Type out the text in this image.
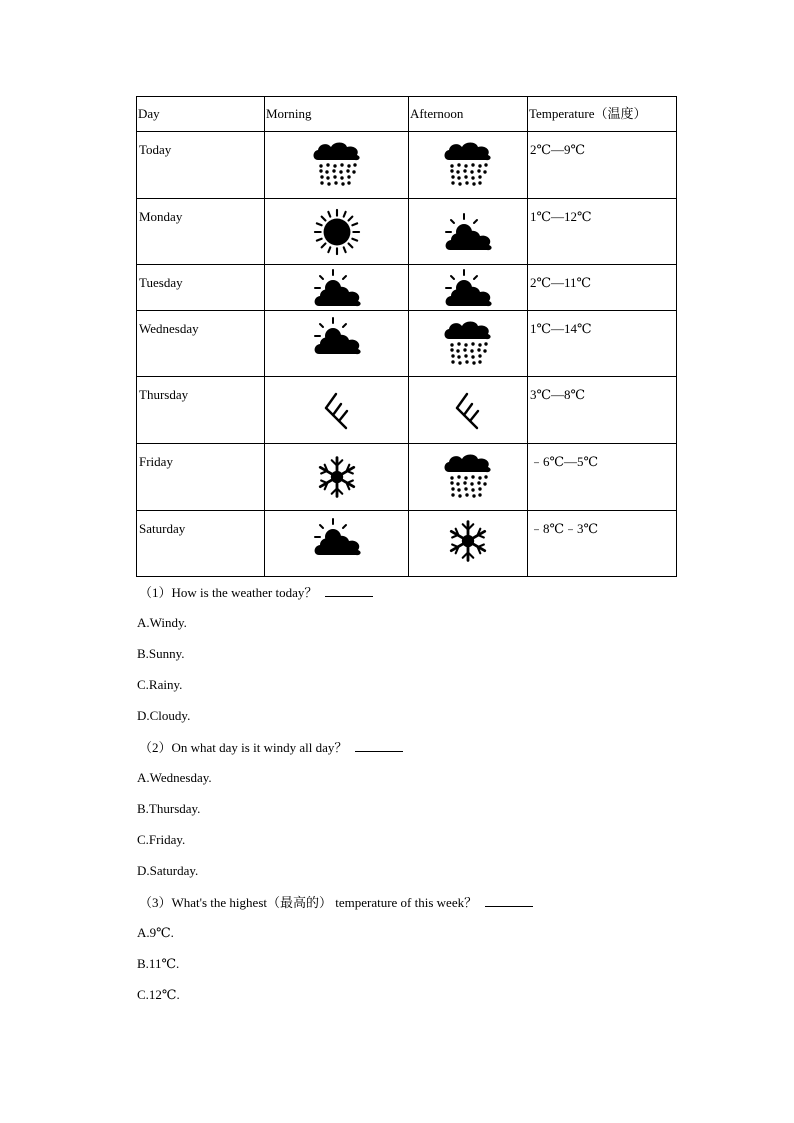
Day	Morning	Afternoon	Temperature（温度）
Today			2℃—9℃
Monday			1℃—12℃
Tuesday			2℃—11℃
Wednesday			1℃—14℃
Thursday			3℃—8℃
Friday			﹣6℃—5℃
Saturday			﹣8℃﹣3℃
（1）How is the weather today？
A.Windy.
B.Sunny.
C.Rainy.
D.Cloudy.
（2）On what day is it windy all day？
A.Wednesday.
B.Thursday.
C.Friday.
D.Saturday.
（3）What's the highest（最高的） temperature of this week？
A.9℃.
B.11℃.
C.12℃.
